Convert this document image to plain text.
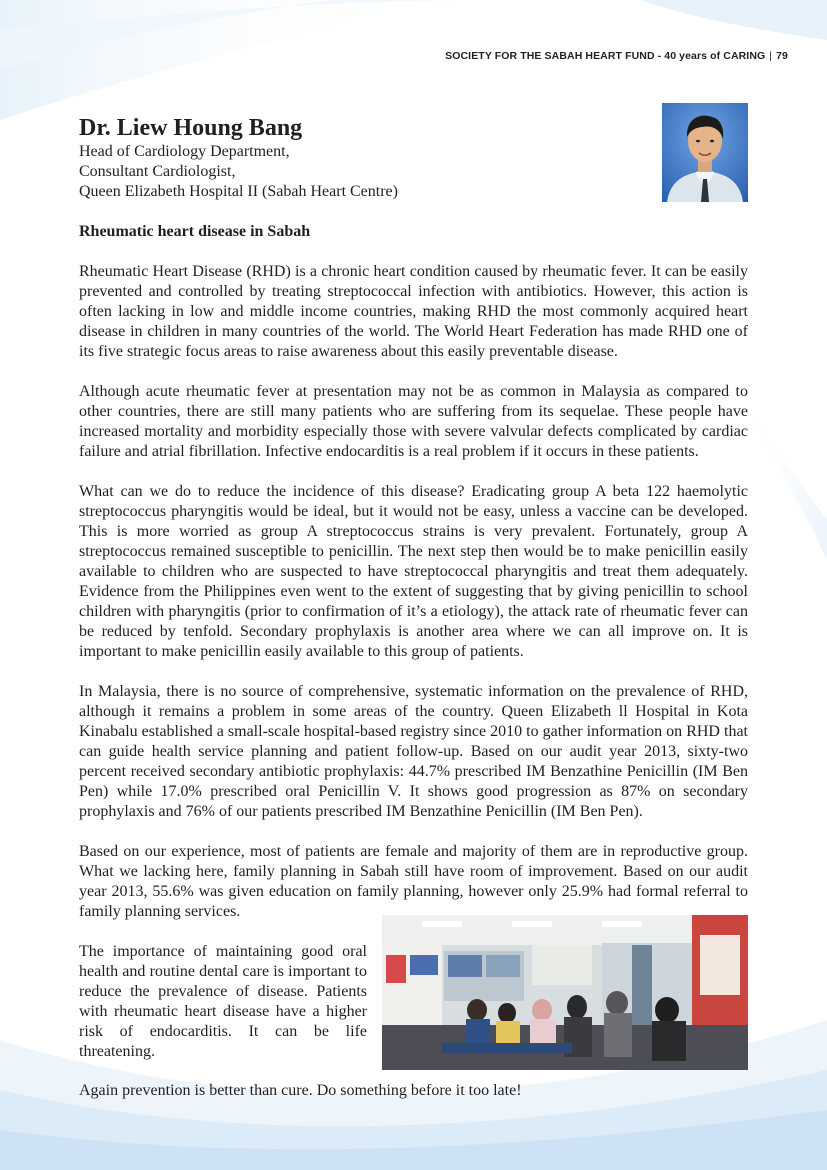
SOCIETY FOR THE SABAH HEART FUND - 40 years of CARING | 79
Dr. Liew Houng Bang
Head of Cardiology Department,
Consultant Cardiologist,
Queen Elizabeth Hospital II (Sabah Heart Centre)
Rheumatic heart disease in Sabah
Rheumatic Heart Disease (RHD) is a chronic heart condition caused by rheumatic fever. It can be easily prevented and controlled by treating streptococcal infection with antibiotics. However, this action is often lacking in low and middle income countries, making RHD the most commonly acquired heart disease in children in many countries of the world. The World Heart Federation has made RHD one of its five strategic focus areas to raise awareness about this easily preventable disease.
Although acute rheumatic fever at presentation may not be as common in Malaysia as compared to other countries, there are still many patients who are suffering from its sequelae. These people have increased mortality and morbidity especially those with severe valvular defects complicated by cardiac failure and atrial fibrillation. Infective endocarditis is a real problem if it occurs in these patients.
What can we do to reduce the incidence of this disease? Eradicating group A beta 122 haemolytic streptococcus pharyngitis would be ideal, but it would not be easy, unless a vaccine can be developed. This is more worried as group A streptococcus strains is very prevalent. Fortunately, group A streptococcus remained susceptible to penicillin. The next step then would be to make penicillin easily available to children who are suspected to have streptococcal pharyngitis and treat them adequately. Evidence from the Philippines even went to the extent of suggesting that by giving penicillin to school children with pharyngitis (prior to confirmation of it’s a etiology), the attack rate of rheumatic fever can be reduced by tenfold. Secondary prophylaxis is another area where we can all improve on. It is important to make penicillin easily available to this group of patients.
In Malaysia, there is no source of comprehensive, systematic information on the prevalence of RHD, although it remains a problem in some areas of the country. Queen Elizabeth ll Hospital in Kota Kinabalu established a small-scale hospital-based registry since 2010 to gather information on RHD that can guide health service planning and patient follow-up. Based on our audit year 2013, sixty-two percent received secondary antibiotic prophylaxis: 44.7% prescribed IM Benzathine Penicillin (IM Ben Pen) while 17.0% prescribed oral Penicillin V. It shows good progression as 87% on secondary prophylaxis and 76% of our patients prescribed IM Benzathine Penicillin (IM Ben Pen).
Based on our experience, most of patients are female and majority of them are in reproductive group. What we lacking here, family planning in Sabah still have room of improvement. Based on our audit year 2013, 55.6% was given education on family planning, however only 25.9% had formal referral to family planning services.
The importance of maintaining good oral health and routine dental care is important to reduce the prevalence of disease. Patients with rheumatic heart disease have a higher risk of endocarditis. It can be life threatening.
Again prevention is better than cure. Do something before it too late!
